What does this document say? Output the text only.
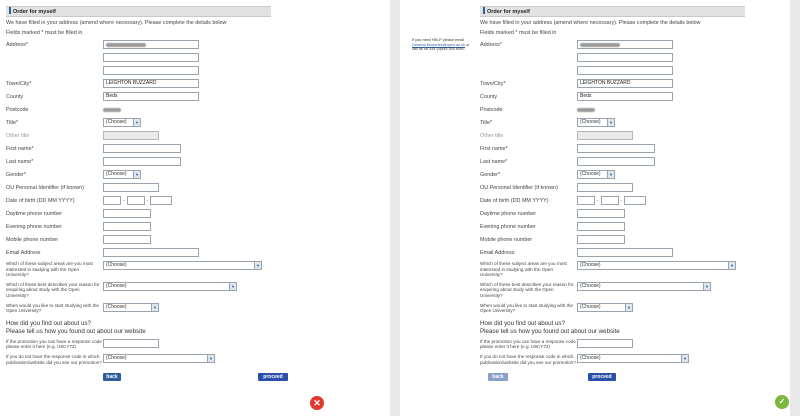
Order for myself
We have filled in your address (amend where necessary). Please complete the details below
Fields marked * must be filled in
Address*
Town/City*	LEIGHTON BUZZARD
County	Beds
Postcode
Title*	(Choose)	▼
Other title
First name*
Last name*
Gender*	(Choose)	▼
OU Personal Identifier (if known)
Date of birth (DD MM YYYY)	-	-
Daytime phone number
Evening phone number
Mobile phone number
Email Address
Which of these subject areas are you most interested in studying with the Open University?
(Choose)	▼
Which of these best describes your reason for enquiring about study with the Open University?
(Choose)	▼
When would you like to start studying with the Open University?
(Choose)	▼
How did you find out about us?
Please tell us how you found out about our website
If the promotion you can have a response code please enter it here (e.g. U9CY72)
If you do not have the response code in which publication/website did you see our promotion?
(Choose)	▼
back	proceed
If you need HELP please email General-Enquiries@open.ac.uk or call us on 444 (0)845 300 6090
Order for myself
We have filled in your address (amend where necessary). Please complete the details below
Fields marked * must be filled in
Address*
Town/City*	LEIGHTON BUZZARD
County	Beds
Postcode
Title*	(Choose)	▼
Other title
First name*
Last name*
Gender*	(Choose)	▼
OU Personal Identifier (if known)
Date of birth (DD MM YYYY)	-	-
Daytime phone number
Evening phone number
Mobile phone number
Email Address
Which of these subject areas are you most interested in studying with the Open University?
(Choose)	▼
Which of these best describes your reason for enquiring about study with the Open University?
(Choose)	▼
When would you like to start studying with the Open University?
(Choose)	▼
How did you find out about us?
Please tell us how you found out about our website
If the promotion you can have a response code please enter it here (e.g. U9CY72)
If you do not have the response code in which publication/website did you see our promotion?
(Choose)	▼
back	proceed
✕	✓
